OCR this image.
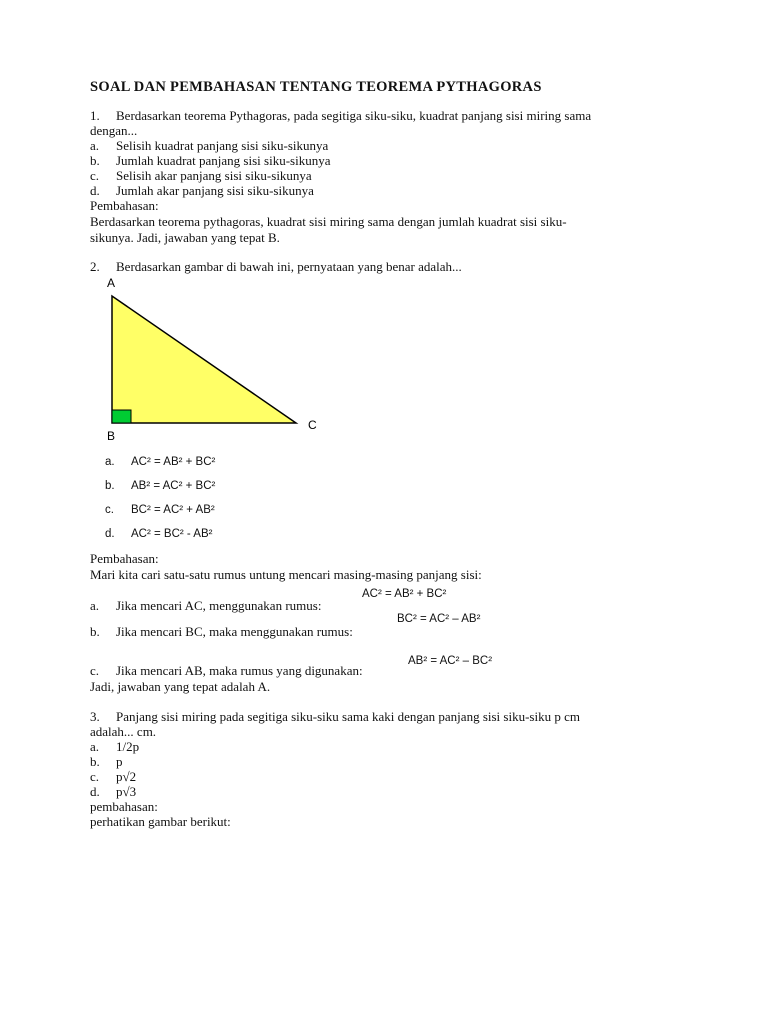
SOAL DAN PEMBAHASAN TENTANG TEOREMA PYTHAGORAS
1. Berdasarkan teorema Pythagoras, pada segitiga siku-siku, kuadrat panjang sisi miring sama
dengan...
a. Selisih kuadrat panjang sisi siku-sikunya
b. Jumlah kuadrat panjang sisi siku-sikunya
c. Selisih akar panjang sisi siku-sikunya
d. Jumlah akar panjang sisi siku-sikunya
Pembahasan:
Berdasarkan teorema pythagoras, kuadrat sisi miring sama dengan jumlah kuadrat sisi siku-
sikunya. Jadi, jawaban yang tepat B.
2. Berdasarkan gambar di bawah ini, pernyataan yang benar adalah...
A
B
C
a. AC² = AB² + BC²
b. AB² = AC² + BC²
c. BC² = AC² + AB²
d. AC² = BC² - AB²
Pembahasan:
Mari kita cari satu-satu rumus untung mencari masing-masing panjang sisi:
a. Jika mencari AC, menggunakan rumus:
AC² = AB² + BC²
b. Jika mencari BC, maka menggunakan rumus:
BC² = AC² – AB²
c. Jika mencari AB, maka rumus yang digunakan:
AB² = AC² – BC²
Jadi, jawaban yang tepat adalah A.
3. Panjang sisi miring pada segitiga siku-siku sama kaki dengan panjang sisi siku-siku p cm
adalah... cm.
a. 1/2p
b. p
c. p√2
d. p√3
pembahasan:
perhatikan gambar berikut:
